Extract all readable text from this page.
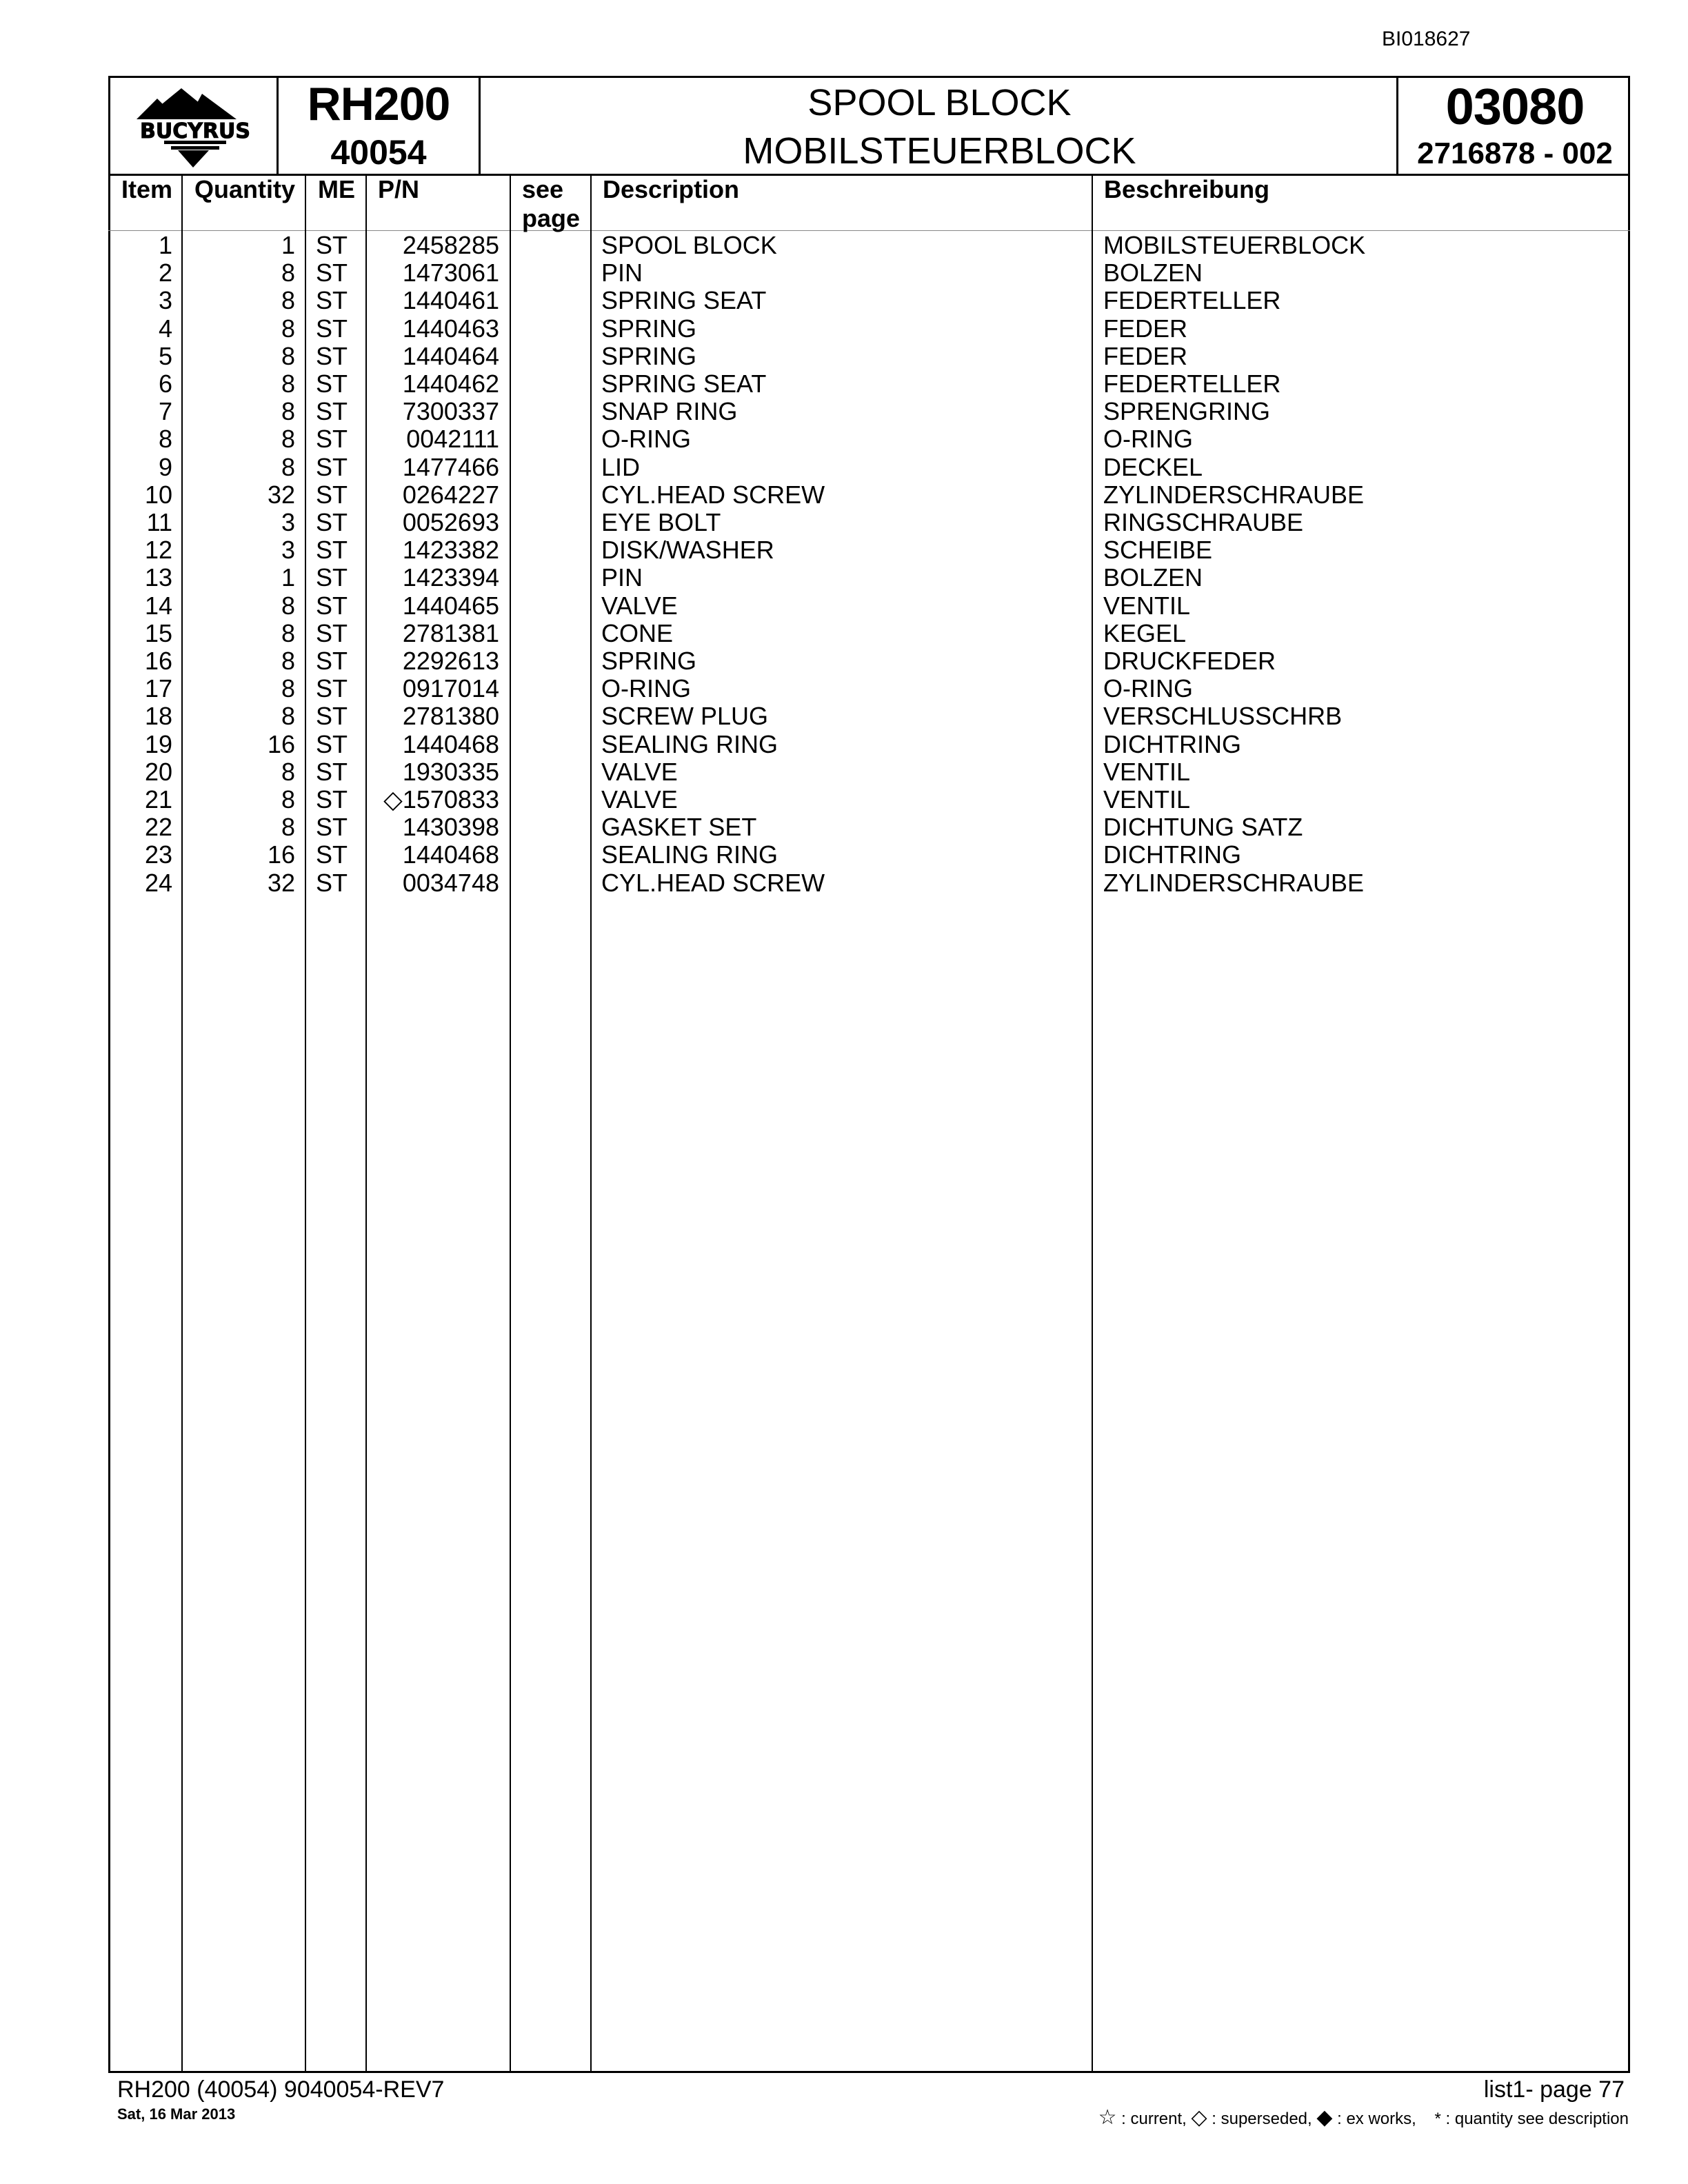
BI018627
BUCYRUS
RH200
40054
SPOOL BLOCK
MOBILSTEUERBLOCK
03080
2716878 - 002
Item Quantity ME P/N	see
page
Description	Beschreibung
1	1 ST 2458285	SPOOL BLOCK	MOBILSTEUERBLOCK
2	8 ST 1473061	PIN	BOLZEN
3	8 ST 1440461	SPRING SEAT	FEDERTELLER
4	8 ST 1440463	SPRING	FEDER
5	8 ST 1440464	SPRING	FEDER
6	8 ST 1440462	SPRING SEAT	FEDERTELLER
7	8 ST 7300337	SNAP RING	SPRENGRING
8	8 ST 0042111	O-RING	O-RING
9	8 ST 1477466	LID	DECKEL
10	32 ST 0264227	CYL.HEAD SCREW	ZYLINDERSCHRAUBE
11	3 ST 0052693	EYE BOLT	RINGSCHRAUBE
12	3 ST 1423382	DISK/WASHER	SCHEIBE
13	1 ST 1423394	PIN	BOLZEN
14	8 ST 1440465	VALVE	VENTIL
15	8 ST 2781381	CONE	KEGEL
16	8 ST 2292613	SPRING	DRUCKFEDER
17	8 ST 0917014	O-RING	O-RING
18	8 ST 2781380	SCREW PLUG	VERSCHLUSSCHRB
19	16 ST 1440468	SEALING RING	DICHTRING
20	8 ST 1930335	VALVE	VENTIL
21	8 ST ◇1570833	VALVE	VENTIL
22	8 ST 1430398	GASKET SET	DICHTUNG SATZ
23	16 ST 1440468	SEALING RING	DICHTRING
24	32 ST 0034748	CYL.HEAD SCREW	ZYLINDERSCHRAUBE
RH200 (40054) 9040054-REV7
Sat, 16 Mar 2013
list1- page 77
☆ : current, ◇ : superseded, ◆ : ex works, * : quantity see description
